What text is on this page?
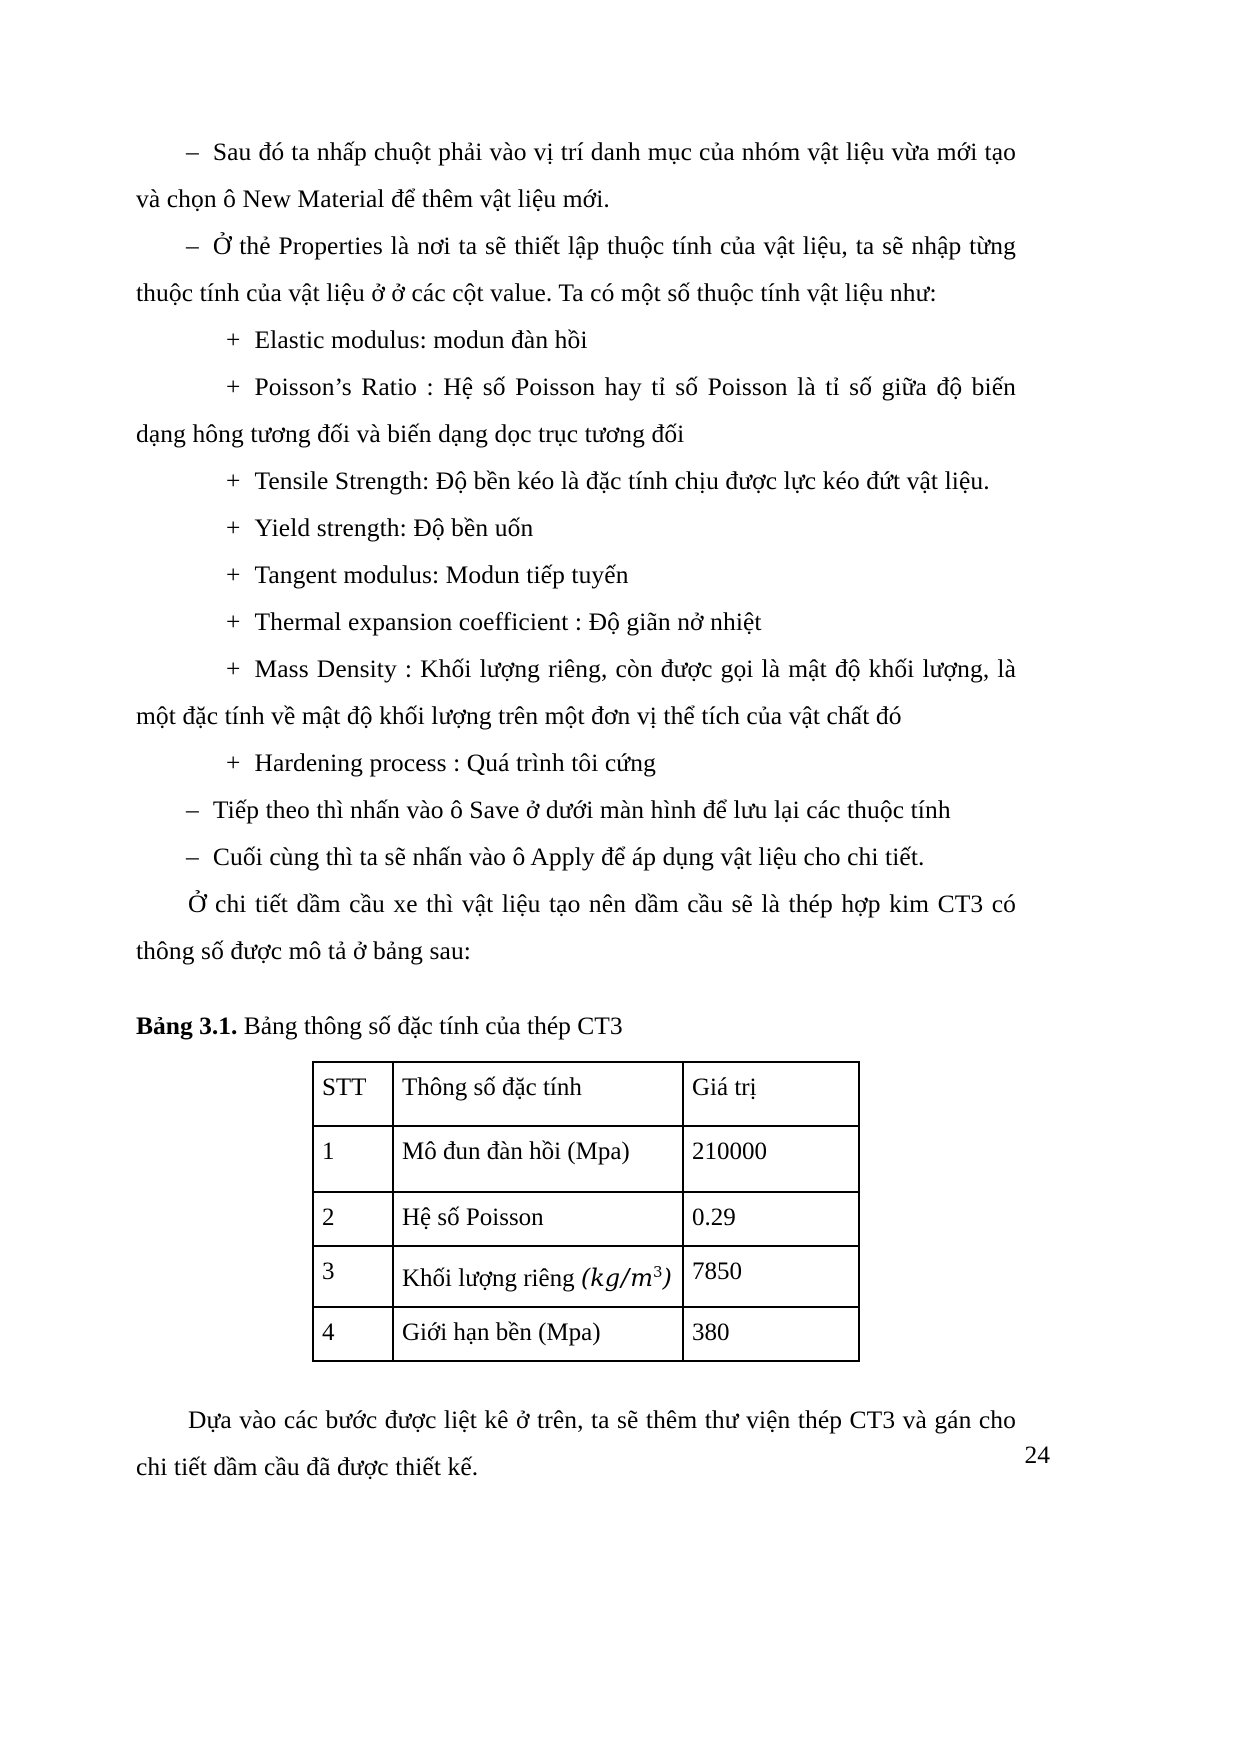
– Sau đó ta nhấp chuột phải vào vị trí danh mục của nhóm vật liệu vừa mới tạo và chọn ô New Material để thêm vật liệu mới.

– Ở thẻ Properties là nơi ta sẽ thiết lập thuộc tính của vật liệu, ta sẽ nhập từng thuộc tính của vật liệu ở ở các cột value. Ta có một số thuộc tính vật liệu như:

+ Elastic modulus: modun đàn hồi

+ Poisson’s Ratio : Hệ số Poisson hay tỉ số Poisson là tỉ số giữa độ biến dạng hông tương đối và biến dạng dọc trục tương đối

+ Tensile Strength: Độ bền kéo là đặc tính chịu được lực kéo đứt vật liệu.

+ Yield strength: Độ bền uốn

+ Tangent modulus: Modun tiếp tuyến

+ Thermal expansion coefficient : Độ giãn nở nhiệt

+ Mass Density : Khối lượng riêng, còn được gọi là mật độ khối lượng, là một đặc tính về mật độ khối lượng trên một đơn vị thể tích của vật chất đó

+ Hardening process : Quá trình tôi cứng

– Tiếp theo thì nhấn vào ô Save ở dưới màn hình để lưu lại các thuộc tính

– Cuối cùng thì ta sẽ nhấn vào ô Apply để áp dụng vật liệu cho chi tiết.

Ở chi tiết dầm cầu xe thì vật liệu tạo nên dầm cầu sẽ là thép hợp kim CT3 có thông số được mô tả ở bảng sau:

Bảng 3.1. Bảng thông số đặc tính của thép CT3

STT	Thông số đặc tính	Giá trị
1	Mô đun đàn hồi (Mpa)	210000
2	Hệ số Poisson	0.29
3	Khối lượng riêng $(kg/m^3)$	7850
4	Giới hạn bền (Mpa)	380

Dựa vào các bước được liệt kê ở trên, ta sẽ thêm thư viện thép CT3 và gán cho chi tiết dầm cầu đã được thiết kế.	24
